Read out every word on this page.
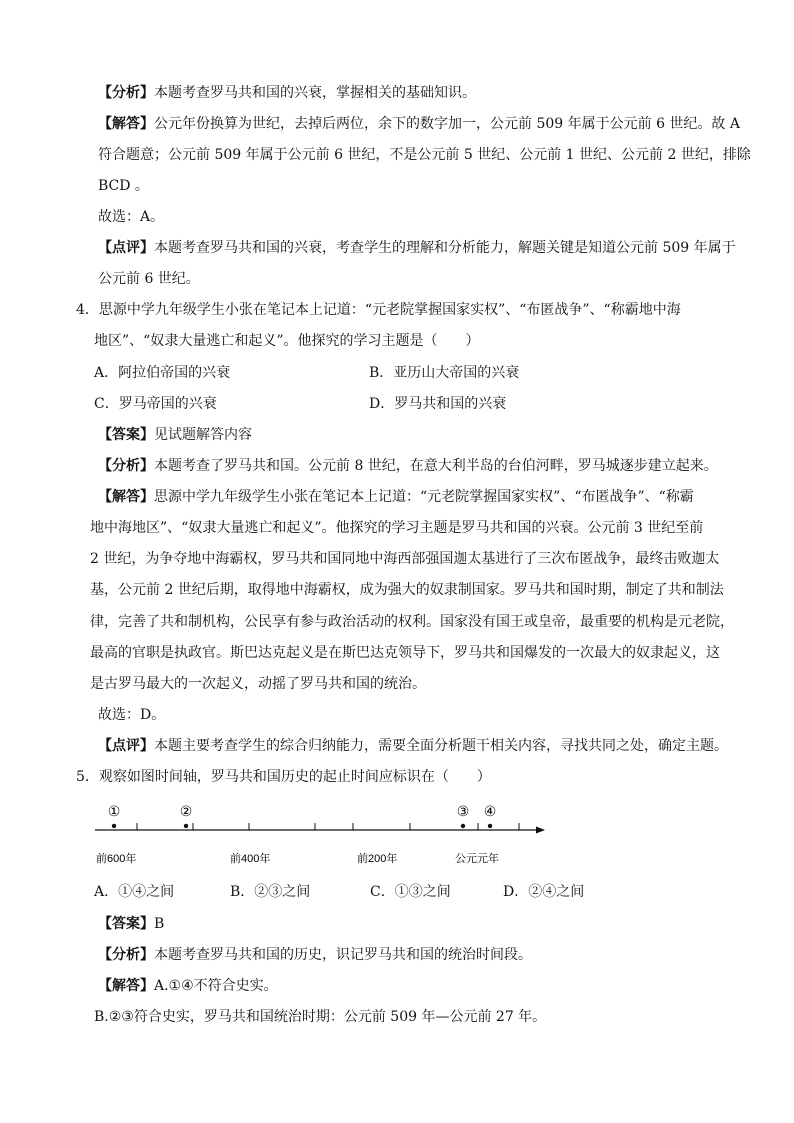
【分析】本题考查罗马共和国的兴衰，掌握相关的基础知识。
【解答】公元年份换算为世纪，去掉后两位，余下的数字加一，公元前 509 年属于公元前 6 世纪。故 A
符合题意；公元前 509 年属于公元前 6 世纪，不是公元前 5 世纪、公元前 1 世纪、公元前 2 世纪，排除
BCD 。
故选：A。
【点评】本题考查罗马共和国的兴衰，考查学生的理解和分析能力，解题关键是知道公元前 509 年属于
公元前 6 世纪。
4．思源中学九年级学生小张在笔记本上记道：“元老院掌握国家实权”、“布匿战争”、“称霸地中海
地区”、“奴隶大量逃亡和起义”。他探究的学习主题是（　　）
A．阿拉伯帝国的兴衰	B．亚历山大帝国的兴衰
C．罗马帝国的兴衰	D．罗马共和国的兴衰
【答案】见试题解答内容
【分析】本题考查了罗马共和国。公元前 8 世纪，在意大利半岛的台伯河畔，罗马城逐步建立起来。
【解答】思源中学九年级学生小张在笔记本上记道：“元老院掌握国家实权”、“布匿战争”、“称霸
地中海地区”、“奴隶大量逃亡和起义”。他探究的学习主题是罗马共和国的兴衰。公元前 3 世纪至前
2 世纪，为争夺地中海霸权，罗马共和国同地中海西部强国迦太基进行了三次布匿战争，最终击败迦太
基，公元前 2 世纪后期，取得地中海霸权，成为强大的奴隶制国家。罗马共和国时期，制定了共和制法
律，完善了共和制机构，公民享有参与政治活动的权利。国家没有国王或皇帝，最重要的机构是元老院，
最高的官职是执政官。斯巴达克起义是在斯巴达克领导下，罗马共和国爆发的一次最大的奴隶起义，这
是古罗马最大的一次起义，动摇了罗马共和国的统治。
故选：D。
【点评】本题主要考查学生的综合归纳能力，需要全面分析题干相关内容，寻找共同之处，确定主题。
5．观察如图时间轴，罗马共和国历史的起止时间应标识在（　　）
①	②	③ ④
前600年	前400年	前200年	公元元年
A．①④之间	B．②③之间	C．①③之间	D．②④之间
【答案】B
【分析】本题考查罗马共和国的历史，识记罗马共和国的统治时间段。
【解答】A.①④不符合史实。
B.②③符合史实，罗马共和国统治时期：公元前 509 年—公元前 27 年。
